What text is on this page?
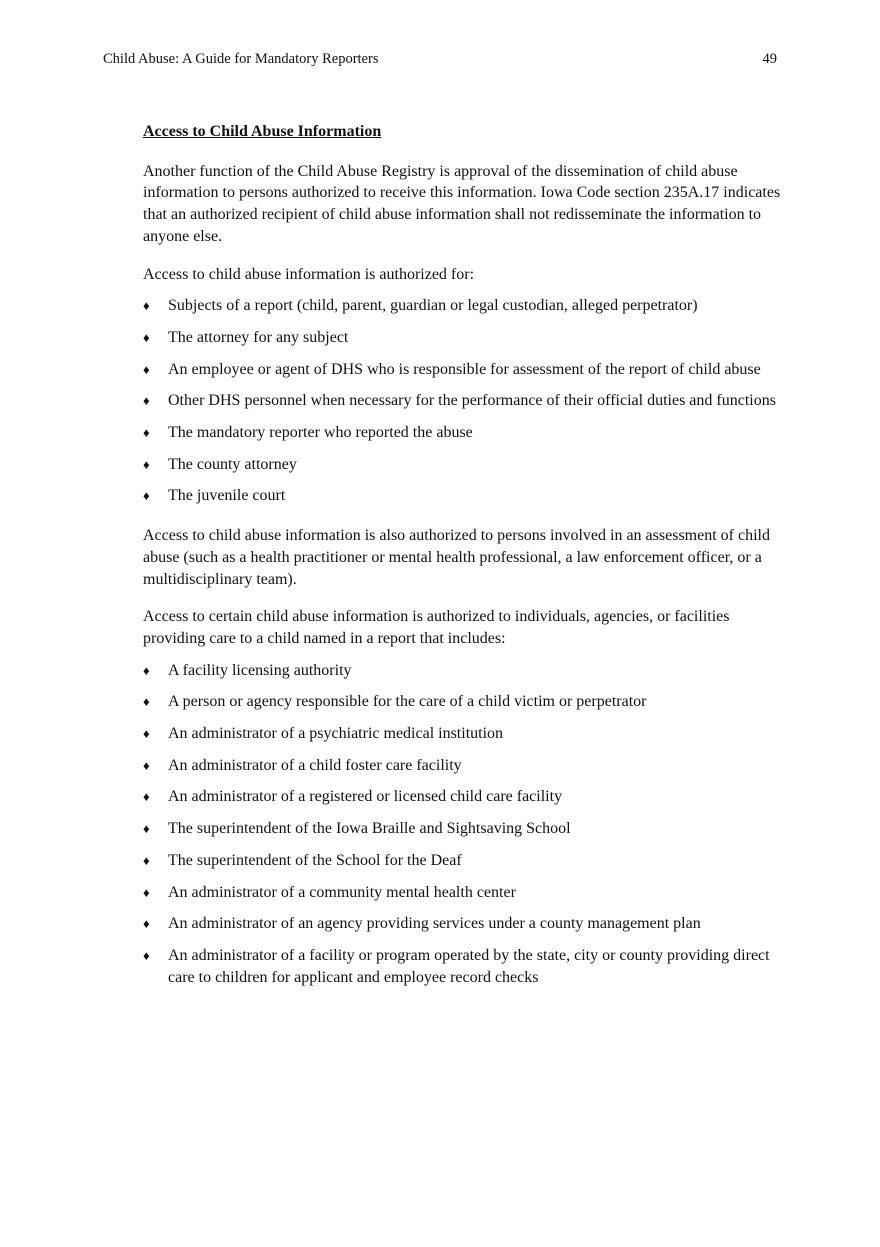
Child Abuse: A Guide for Mandatory Reporters	49
Access to Child Abuse Information

Another function of the Child Abuse Registry is approval of the dissemination of child abuse information to persons authorized to receive this information. Iowa Code section 235A.17 indicates that an authorized recipient of child abuse information shall not redisseminate the information to anyone else.

Access to child abuse information is authorized for:

♦ Subjects of a report (child, parent, guardian or legal custodian, alleged perpetrator)
♦ The attorney for any subject
♦ An employee or agent of DHS who is responsible for assessment of the report of child abuse
♦ Other DHS personnel when necessary for the performance of their official duties and functions
♦ The mandatory reporter who reported the abuse
♦ The county attorney
♦ The juvenile court

Access to child abuse information is also authorized to persons involved in an assessment of child abuse (such as a health practitioner or mental health professional, a law enforcement officer, or a multidisciplinary team).

Access to certain child abuse information is authorized to individuals, agencies, or facilities providing care to a child named in a report that includes:

♦ A facility licensing authority
♦ A person or agency responsible for the care of a child victim or perpetrator
♦ An administrator of a psychiatric medical institution
♦ An administrator of a child foster care facility
♦ An administrator of a registered or licensed child care facility
♦ The superintendent of the Iowa Braille and Sightsaving School
♦ The superintendent of the School for the Deaf
♦ An administrator of a community mental health center
♦ An administrator of an agency providing services under a county management plan
♦ An administrator of a facility or program operated by the state, city or county providing direct care to children for applicant and employee record checks
